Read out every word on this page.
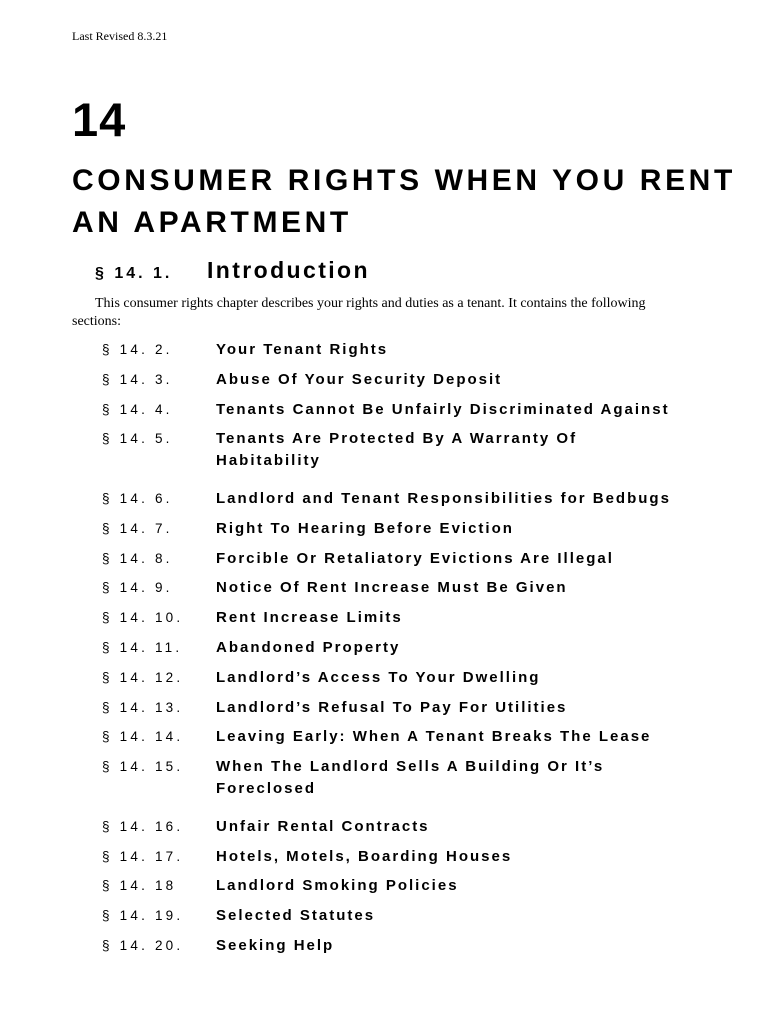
Last Revised 8.3.21
14
CONSUMER RIGHTS WHEN YOU RENT AN APARTMENT
§ 14. 1. Introduction

This consumer rights chapter describes your rights and duties as a tenant. It contains the following sections:

§ 14. 2.	Your Tenant Rights
§ 14. 3.	Abuse Of Your Security Deposit
§ 14. 4.	Tenants Cannot Be Unfairly Discriminated Against
§ 14. 5.	Tenants Are Protected By A Warranty Of Habitability
§ 14. 6.	Landlord and Tenant Responsibilities for Bedbugs
§ 14. 7.	Right To Hearing Before Eviction
§ 14. 8.	Forcible Or Retaliatory Evictions Are Illegal
§ 14. 9.	Notice Of Rent Increase Must Be Given
§ 14. 10.	Rent Increase Limits
§ 14. 11.	Abandoned Property
§ 14. 12.	Landlord’s Access To Your Dwelling
§ 14. 13.	Landlord’s Refusal To Pay For Utilities
§ 14. 14.	Leaving Early: When A Tenant Breaks The Lease
§ 14. 15.	When The Landlord Sells A Building Or It’s Foreclosed
§ 14. 16.	Unfair Rental Contracts
§ 14. 17.	Hotels, Motels, Boarding Houses
§ 14. 18	Landlord Smoking Policies
§ 14. 19.	Selected Statutes
§ 14. 20.	Seeking Help
